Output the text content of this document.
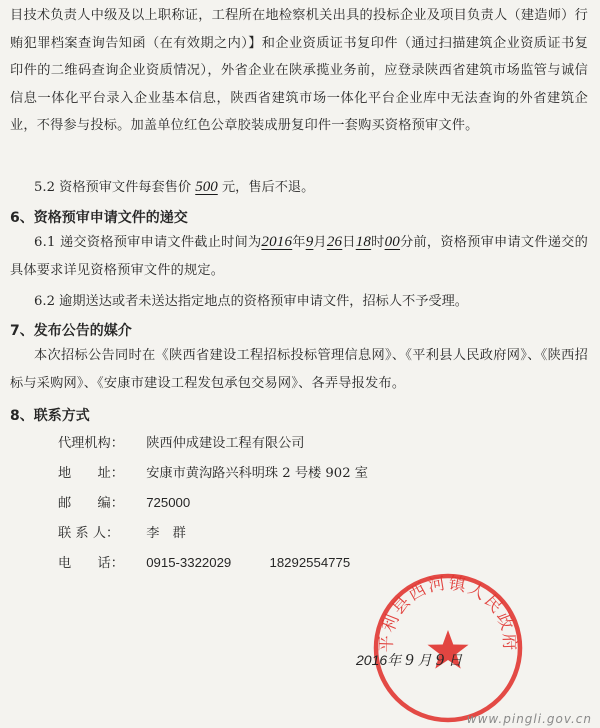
目技术负责人中级及以上职称证，工程所在地检察机关出具的投标企业及项目负责人（建造师）行贿犯罪档案查询告知函（在有效期之内）】和企业资质证书复印件（通过扫描建筑企业资质证书复印件的二维码查询企业资质情况），外省企业在陕承揽业务前，应登录陕西省建筑市场监管与诚信信息一体化平台录入企业基本信息，陕西省建筑市场一体化平台企业库中无法查询的外省建筑企业，不得参与投标。加盖单位红色公章胶装成册复印件一套购买资格预审文件。
5.2 资格预审文件每套售价 500 元，售后不退。
6、资格预审申请文件的递交
6.1 递交资格预审申请文件截止时间为2016年9月26日18时00分前，资格预审申请文件递交的具体要求详见资格预审文件的规定。
6.2 逾期送达或者未送达指定地点的资格预审申请文件，招标人不予受理。
7、发布公告的媒介
本次招标公告同时在《陕西省建设工程招标投标管理信息网》、《平利县人民政府网》、《陕西招标与采购网》、《安康市建设工程发包承包交易网》、各弄导报发布。
8、联系方式
代理机构： 陕西仲成建设工程有限公司
地　　址： 安康市黄沟路兴科明珠 2 号楼 902 室
邮　　编： 725000
联 系 人： 李　群
电　　话： 0915-3322029	18292554775
平利县西河镇人民政府
2016年 9 月 9 日
www.pingli.gov.cn
